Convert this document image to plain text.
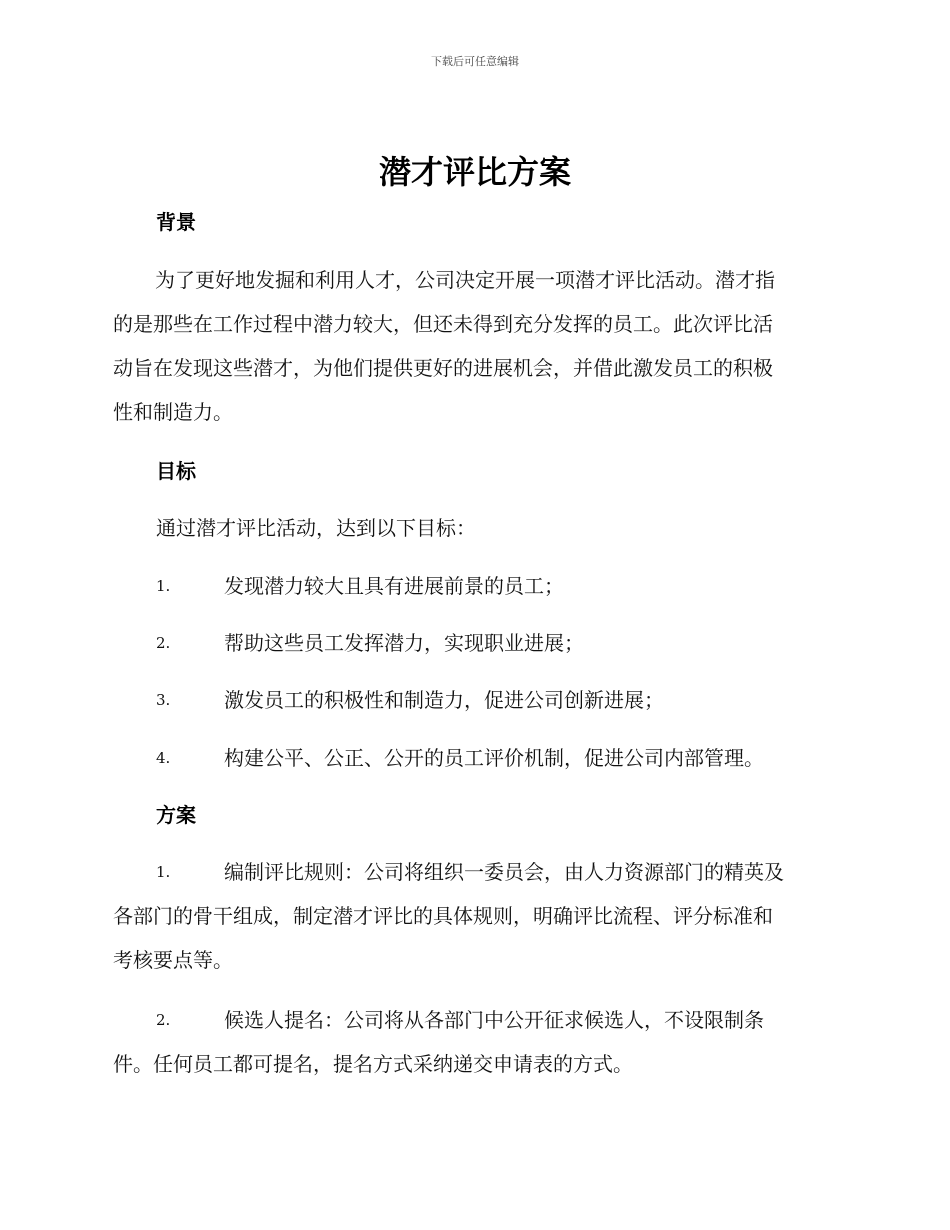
下载后可任意编辑
潜才评比方案
背景
为了更好地发掘和利用人才，公司决定开展一项潜才评比活动。潜才指
的是那些在工作过程中潜力较大，但还未得到充分发挥的员工。此次评比活
动旨在发现这些潜才，为他们提供更好的进展机会，并借此激发员工的积极
性和制造力。
目标
通过潜才评比活动，达到以下目标：
1.	发现潜力较大且具有进展前景的员工；
2.	帮助这些员工发挥潜力，实现职业进展；
3.	激发员工的积极性和制造力，促进公司创新进展；
4.	构建公平、公正、公开的员工评价机制，促进公司内部管理。
方案
1.	编制评比规则：公司将组织一委员会，由人力资源部门的精英及
各部门的骨干组成，制定潜才评比的具体规则，明确评比流程、评分标准和
考核要点等。
2.	候选人提名：公司将从各部门中公开征求候选人，不设限制条
件。任何员工都可提名，提名方式采纳递交申请表的方式。
